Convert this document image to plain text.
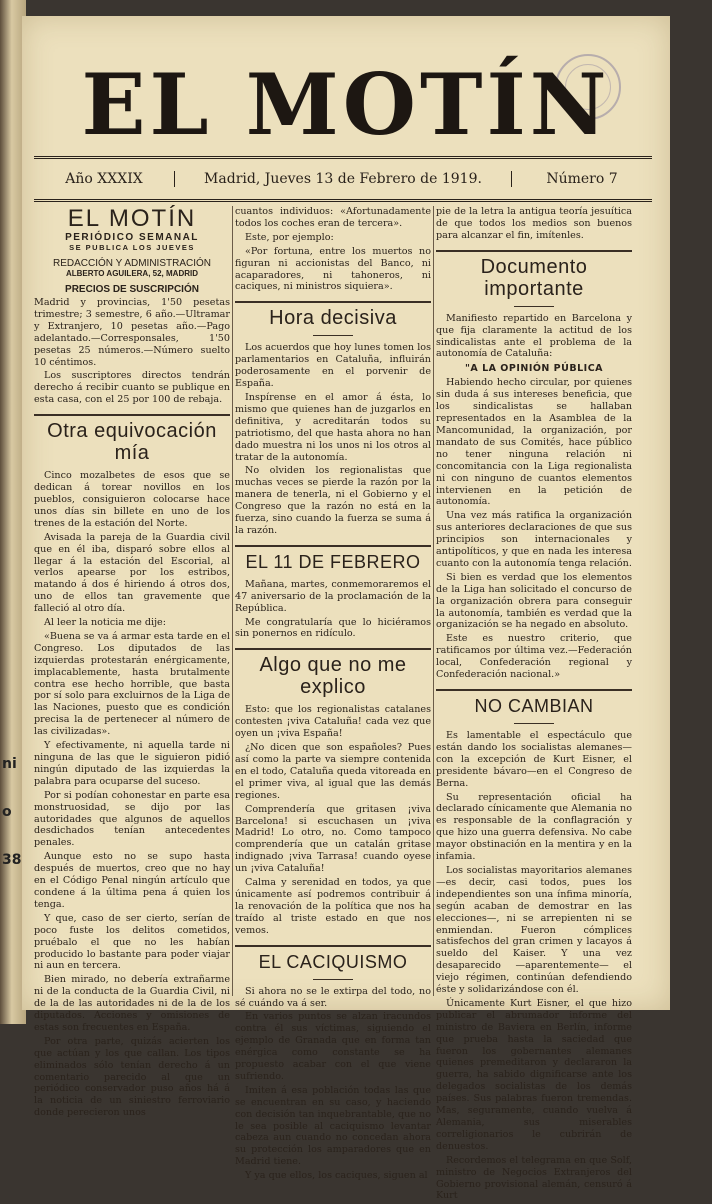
ni
o
38
EL MOTÍN
Año XXXIX	Madrid, Jueves 13 de Febrero de 1919.	Número 7
EL MOTÍN
PERIÓDICO SEMANAL
SE PUBLICA LOS JUEVES
REDACCIÓN Y ADMINISTRACIÓN
ALBERTO AGUILERA, 52, MADRID
PRECIOS DE SUSCRIPCIÓN

Madrid y provincias, 1'50 pesetas trimestre; 3 semestre, 6 año.—Ultramar y Extranjero, 10 pesetas año.—Pago adelantado.—Corresponsales, 1'50 pesetas 25 números.—Número suelto 10 céntimos.

Los suscriptores directos tendrán derecho á recibir cuanto se publique en esta casa, con el 25 por 100 de rebaja.

Otra equivocación mía

Cinco mozalbetes de esos que se dedican á torear novillos en los pueblos, consiguieron colocarse hace unos días sin billete en uno de los trenes de la estación del Norte.

Avisada la pareja de la Guardia civil que en él iba, disparó sobre ellos al llegar á la estación del Escorial, al verlos apearse por los estribos, matando á dos é hiriendo á otros dos, uno de ellos tan gravemente que falleció al otro día.

Al leer la noticia me dije:

«Buena se va á armar esta tarde en el Congreso. Los diputados de las izquierdas protestarán enérgicamente, implacablemente, hasta brutalmente contra ese hecho horrible, que basta por sí solo para excluirnos de la Liga de las Naciones, puesto que es condición precisa la de pertenecer al número de las civilizadas».

Y efectivamente, ni aquella tarde ni ninguna de las que le siguieron pidió ningún diputado de las izquierdas la palabra para ocuparse del suceso.

Por si podían cohonestar en parte esa monstruosidad, se dijo por las autoridades que algunos de aquellos desdichados tenían antecedentes penales.

Aunque esto no se supo hasta después de muertos, creo que no hay en el Código Penal ningún artículo que condene á la última pena á quien los tenga.

Y que, caso de ser cierto, serían de poco fuste los delitos cometidos, pruébalo el que no les habían producido lo bastante para poder viajar ni aun en tercera.

Bien mirado, no debería extrañarme ni de la conducta de la Guardia Civil, ni de la de las autoridades ni de la de los diputados. Acciones y omisiones de estas son frecuentes en España.

Por otra parte, quizás acierten los que actúan y los que callan. Los tipos eliminados sólo tenían derecho á un comentario parecido al que un periódico conservador puso años há á la noticia de un siniestro ferroviario donde perecieron unos

cuantos individuos: «Afortunadamente todos los coches eran de tercera».

Este, por ejemplo:

«Por fortuna, entre los muertos no figuran ni accionistas del Banco, ni acaparadores, ni tahoneros, ni caciques, ni ministros siquiera».

Hora decisiva

Los acuerdos que hoy lunes tomen los parlamentarios en Cataluña, influirán poderosamente en el porvenir de España.

Inspírense en el amor á ésta, lo mismo que quienes han de juzgarlos en definitiva, y acreditarán todos su patriotismo, del que hasta ahora no han dado muestra ni los unos ni los otros al tratar de la autonomía.

No olviden los regionalistas que muchas veces se pierde la razón por la manera de tenerla, ni el Gobierno y el Congreso que la razón no está en la fuerza, sino cuando la fuerza se suma á la razón.

EL 11 DE FEBRERO

Mañana, martes, conmemoraremos el 47 aniversario de la proclamación de la República.

Me congratularía que lo hiciéramos sin ponernos en ridículo.

Algo que no me explico

Esto: que los regionalistas catalanes contesten ¡viva Cataluña! cada vez que oyen un ¡viva España!

¿No dicen que son españoles? Pues así como la parte va siempre contenida en el todo, Cataluña queda vitoreada en el primer viva, al igual que las demás regiones.

Comprendería que gritasen ¡viva Barcelona! si escuchasen un ¡viva Madrid! Lo otro, no. Como tampoco comprendería que un catalán gritase indignado ¡viva Tarrasa! cuando oyese un ¡viva Cataluña!

Calma y serenidad en todos, ya que únicamente así podremos contribuir á la renovación de la política que nos ha traído al triste estado en que nos vemos.

EL CACIQUISMO

Si ahora no se le extirpa del todo, no sé cuándo va á ser.

En varios puntos se alzan iracundos contra él sus víctimas, siguiendo el ejemplo de Granada que en forma tan enérgica como constante se ha propuesto acabar con el que viene sufriendo.

Imiten á esa población todas las que se encuentran en su caso, y haciendo con decisión tan inquebrantable, que no le sea posible al caciquismo levantar cabeza aun cuando no concedan ahora su protección los amparadores que en Madrid tiene.

Y ya que ellos, los caciques, siguen al

pie de la letra la antigua teoría jesuítica de que todos los medios son buenos para alcanzar el fin, imítenles.

Documento importante

Manifiesto repartido en Barcelona y que fija claramente la actitud de los sindicalistas ante el problema de la autonomía de Cataluña:

"A LA OPINIÓN PÚBLICA

Habiendo hecho circular, por quienes sin duda á sus intereses beneficia, que los sindicalistas se hallaban representados en la Asamblea de la Mancomunidad, la organización, por mandato de sus Comités, hace público no tener ninguna relación ni concomitancia con la Liga regionalista ni con ninguno de cuantos elementos intervienen en la petición de autonomía.

Una vez más ratifica la organización sus anteriores declaraciones de que sus principios son internacionales y antipolíticos, y que en nada les interesa cuanto con la autonomía tenga relación.

Si bien es verdad que los elementos de la Liga han solicitado el concurso de la organización obrera para conseguir la autonomía, también es verdad que la organización se ha negado en absoluto.

Este es nuestro criterio, que ratificamos por última vez.—Federación local, Confederación regional y Confederación nacional.»

NO CAMBIAN

Es lamentable el espectáculo que están dando los socialistas alemanes—con la excepción de Kurt Eisner, el presidente bávaro—en el Congreso de Berna.

Su representación oficial ha declarado cínicamente que Alemania no es responsable de la conflagración y que hizo una guerra defensiva. No cabe mayor obstinación en la mentira y en la infamia.

Los socialistas mayoritarios alemanes—es decir, casi todos, pues los independientes son una ínfima minoría, según acaban de demostrar en las elecciones—, ni se arrepienten ni se enmiendan. Fueron cómplices satisfechos del gran crimen y lacayos á sueldo del Kaiser. Y una vez desaparecido —aparentemente— el viejo régimen, continúan defendiendo éste y solidarizándose con él.

Únicamente Kurt Eisner, el que hizo publicar el abrumador informe del ministro de Baviera en Berlín, informe que prueba hasta la saciedad que fueron los gobernantes alemanes quienes premeditaron y declararon la guerra, ha sabido dignificarse ante los delegados socialistas de los demás países. Sus palabras fueron tremendas. Mas, seguramente, cuando vuelva á Alemania, sus miserables correligionarios le cubrirán de denuestos.

Recordemos el telegrama en que Solf, ministro de Negocios Extranjeros del Gobierno provisional alemán, censuró á Kurt
